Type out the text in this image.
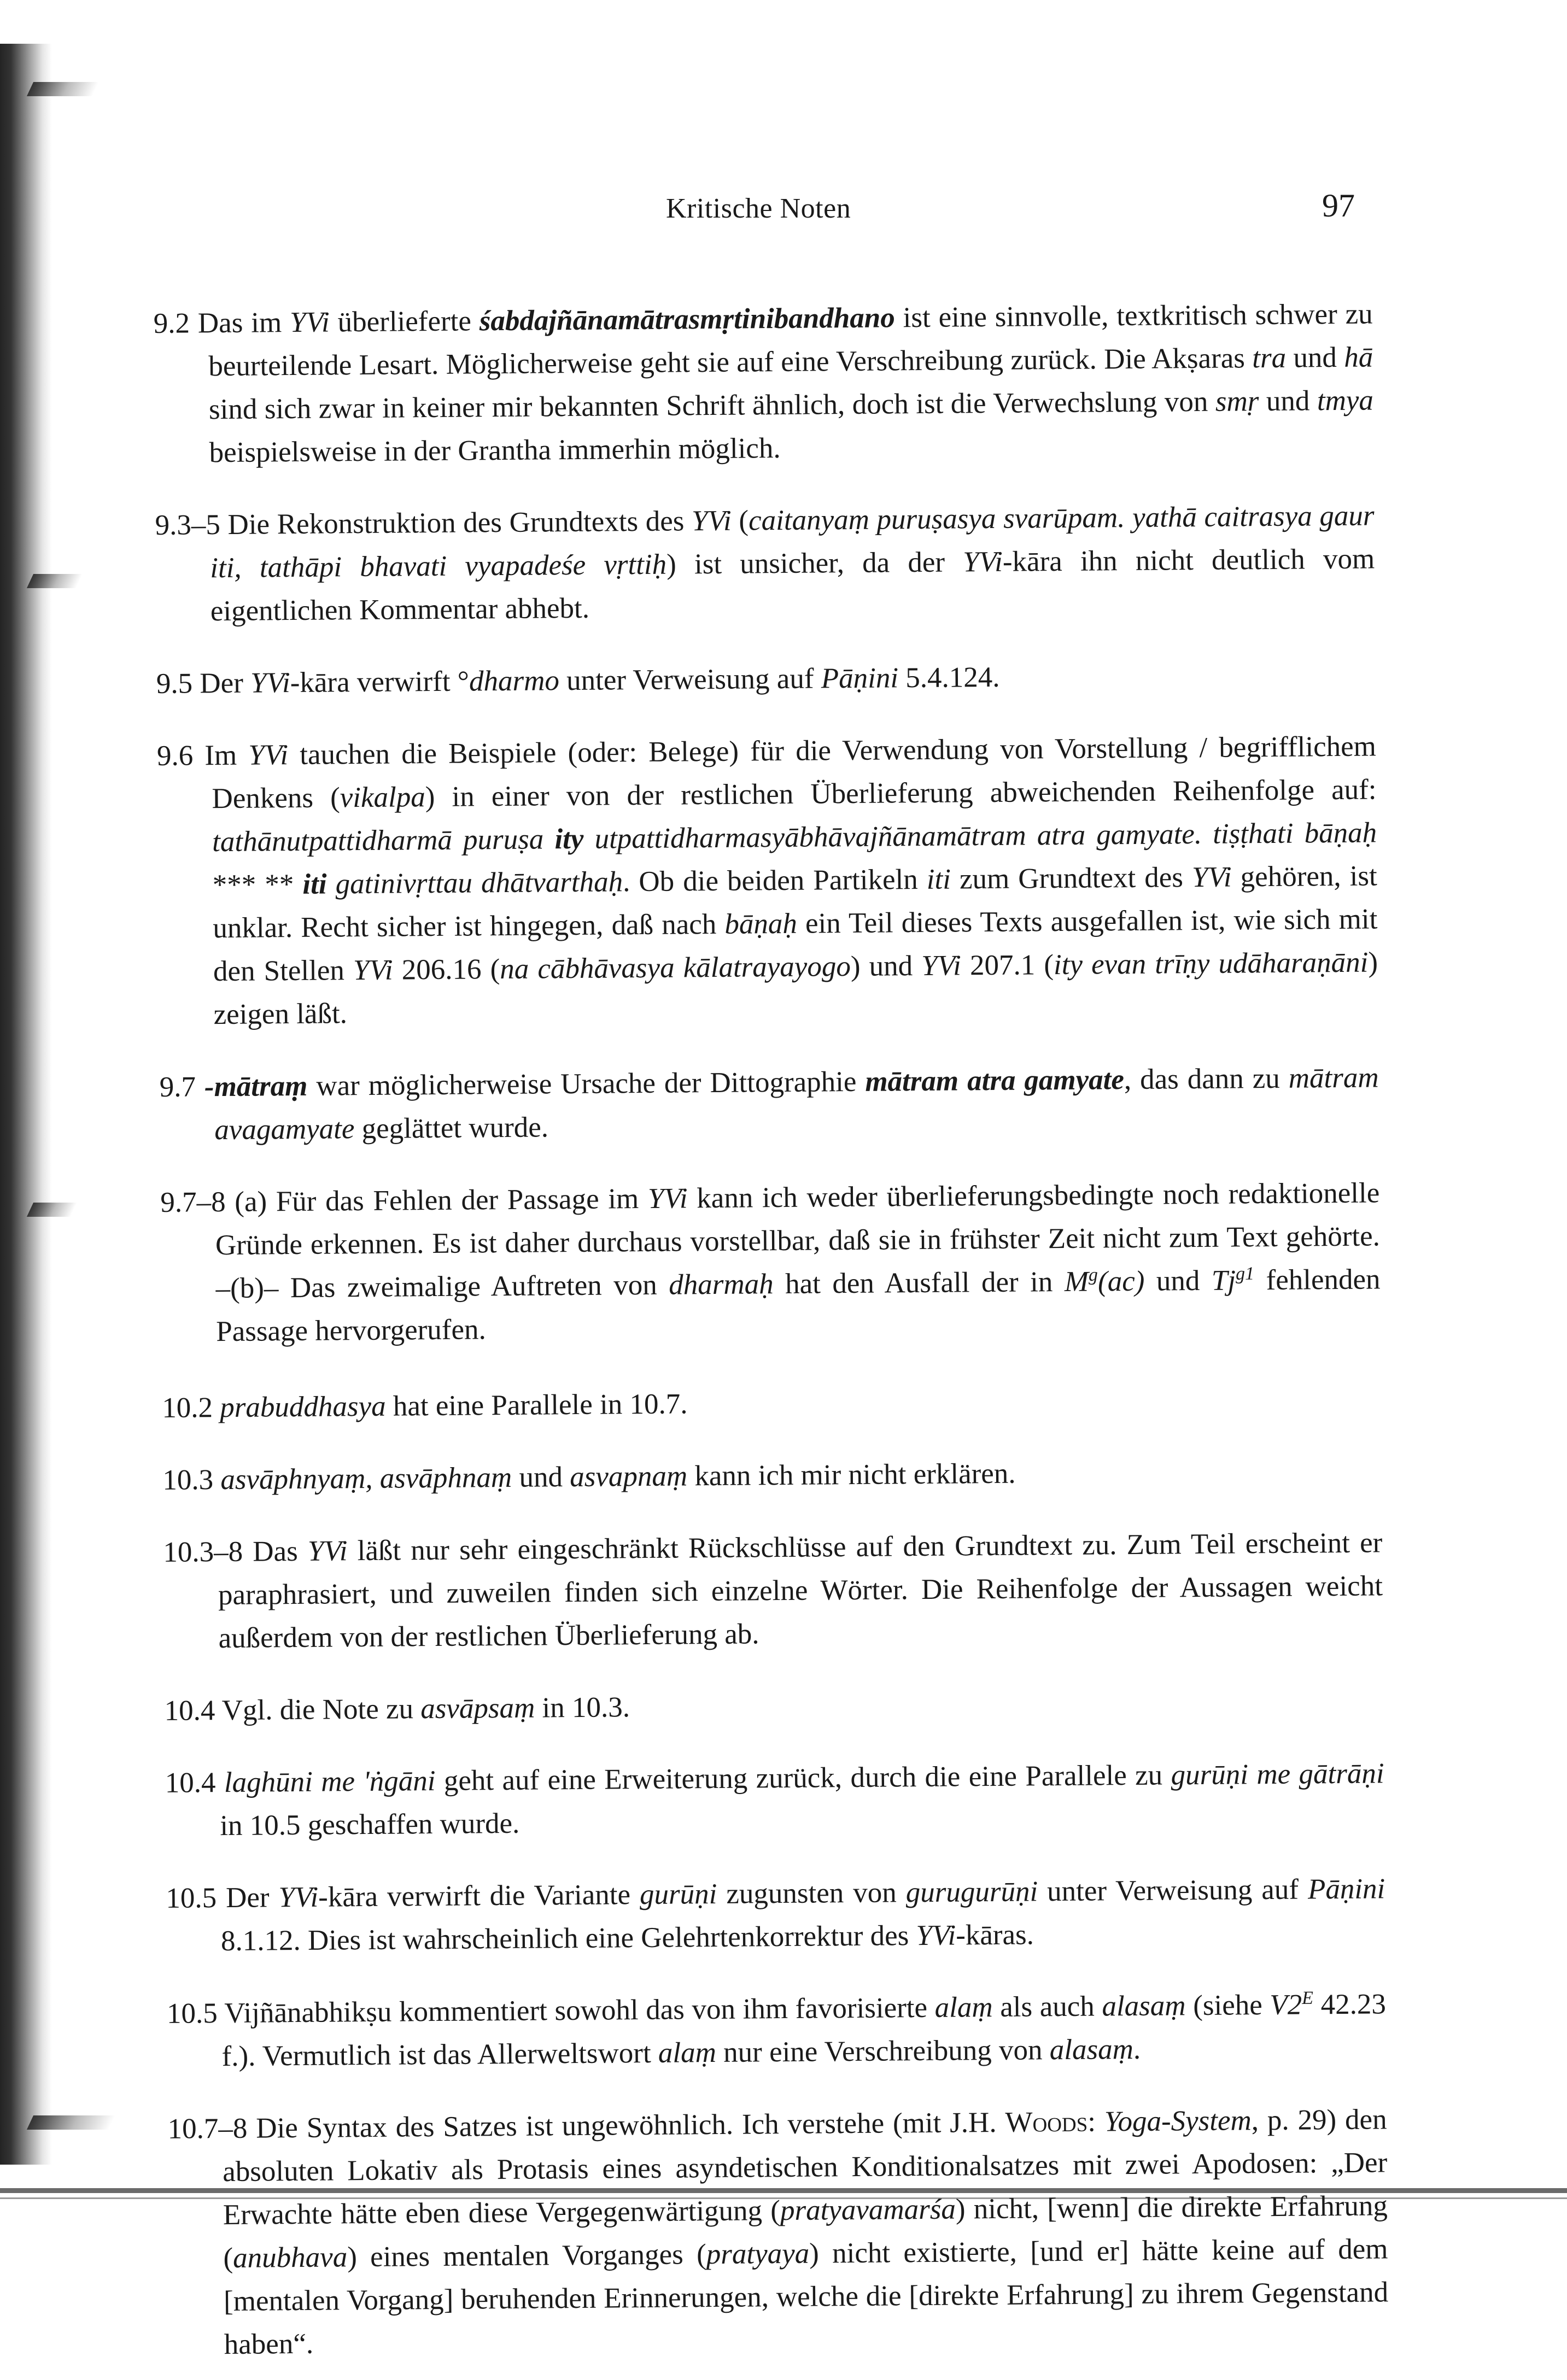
Kritische Noten	97

9.2 Das im YVi überlieferte śabdajñānamātrasmṛtinibandhano ist eine sinnvolle, textkritisch schwer zu beurteilende Lesart. Möglicherweise geht sie auf eine Verschreibung zurück. Die Akṣaras tra und hā sind sich zwar in keiner mir bekannten Schrift ähnlich, doch ist die Verwechslung von smṛ und tmya beispielsweise in der Grantha immerhin möglich.

9.3–5 Die Rekonstruktion des Grundtexts des YVi (caitanyaṃ puruṣasya svarūpam. yathā caitrasya gaur iti, tathāpi bhavati vyapadeśe vṛttiḥ) ist unsicher, da der YVi-kāra ihn nicht deutlich vom eigentlichen Kommentar abhebt.

9.5 Der YVi-kāra verwirft °dharmo unter Verweisung auf Pāṇini 5.4.124.

9.6 Im YVi tauchen die Beispiele (oder: Belege) für die Verwendung von Vorstellung / begrifflichem Denkens (vikalpa) in einer von der restlichen Überlieferung abweichenden Reihenfolge auf: tathānutpattidharmā puruṣa ity utpattidharmasyābhāvajñānamātram atra gamyate. tiṣṭhati bāṇaḥ *** ** iti gatinivṛttau dhātvarthaḥ. Ob die beiden Partikeln iti zum Grundtext des YVi gehören, ist unklar. Recht sicher ist hingegen, daß nach bāṇaḥ ein Teil dieses Texts ausgefallen ist, wie sich mit den Stellen YVi 206.16 (na cābhāvasya kālatrayayogo) und YVi 207.1 (ity evan trīṇy udāharaṇāni) zeigen läßt.

9.7 -mātraṃ war möglicherweise Ursache der Dittographie mātram atra gamyate, das dann zu mātram avagamyate geglättet wurde.

9.7–8 (a) Für das Fehlen der Passage im YVi kann ich weder überlieferungsbedingte noch redaktionelle Gründe erkennen. Es ist daher durchaus vorstellbar, daß sie in frühster Zeit nicht zum Text gehörte. –(b)– Das zweimalige Auftreten von dharmaḥ hat den Ausfall der in $M^g(ac)$ und $Tj^{g1}$ fehlenden Passage hervorgerufen.

10.2 prabuddhasya hat eine Parallele in 10.7.

10.3 asvāphnyaṃ, asvāphnaṃ und asvapnaṃ kann ich mir nicht erklären.

10.3–8 Das YVi läßt nur sehr eingeschränkt Rückschlüsse auf den Grundtext zu. Zum Teil erscheint er paraphrasiert, und zuweilen finden sich einzelne Wörter. Die Reihenfolge der Aussagen weicht außerdem von der restlichen Überlieferung ab.

10.4 Vgl. die Note zu asvāpsaṃ in 10.3.

10.4 laghūni me 'ṅgāni geht auf eine Erweiterung zurück, durch die eine Parallele zu gurūṇi me gātrāṇi in 10.5 geschaffen wurde.

10.5 Der YVi-kāra verwirft die Variante gurūṇi zugunsten von gurugurūṇi unter Verweisung auf Pāṇini 8.1.12. Dies ist wahrscheinlich eine Gelehrtenkorrektur des YVi-kāras.

10.5 Vijñānabhikṣu kommentiert sowohl das von ihm favorisierte alaṃ als auch alasaṃ (siehe $V2^E$ 42.23 f.). Vermutlich ist das Allerweltswort alaṃ nur eine Verschreibung von alasaṃ.

10.7–8 Die Syntax des Satzes ist ungewöhnlich. Ich verstehe (mit J.H. Woods: Yoga-System, p. 29) den absoluten Lokativ als Protasis eines asyndetischen Konditionalsatzes mit zwei Apodosen: „Der Erwachte hätte eben diese Vergegenwärtigung (pratyavamarśa) nicht, [wenn] die direkte Erfahrung (anubhava) eines mentalen Vorganges (pratyaya) nicht existierte, [und er] hätte keine auf dem [mentalen Vorgang] beruhenden Erinnerungen, welche die [direkte Erfahrung] zu ihrem Gegenstand haben“.
